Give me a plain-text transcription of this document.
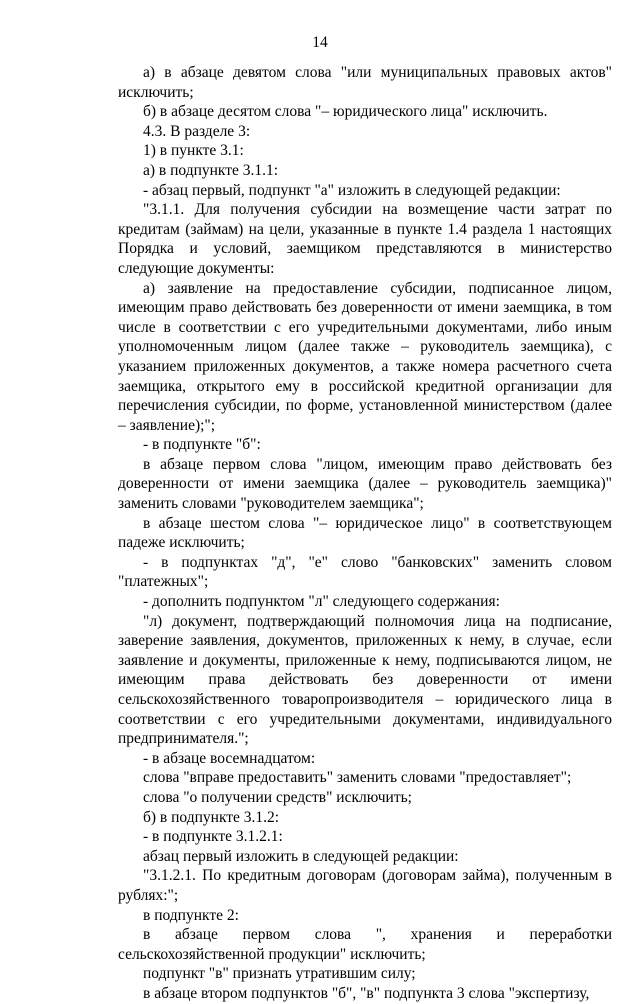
14

а) в абзаце девятом слова "или муниципальных правовых актов" исключить;

б) в абзаце десятом слова "– юридического лица" исключить.

4.3. В разделе 3:

1) в пункте 3.1:

а) в подпункте 3.1.1:

- абзац первый, подпункт "а" изложить в следующей редакции:

"3.1.1. Для получения субсидии на возмещение части затрат по кредитам (займам) на цели, указанные в пункте 1.4 раздела 1 настоящих Порядка и условий, заемщиком представляются в министерство следующие документы:

а) заявление на предоставление субсидии, подписанное лицом, имеющим право действовать без доверенности от имени заемщика, в том числе в соответствии с его учредительными документами, либо иным уполномоченным лицом (далее также – руководитель заемщика), с указанием приложенных документов, а также номера расчетного счета заемщика, открытого ему в российской кредитной организации для перечисления субсидии, по форме, установленной министерством (далее – заявление);";

- в подпункте "б":

в абзаце первом слова "лицом, имеющим право действовать без доверенности от имени заемщика (далее – руководитель заемщика)" заменить словами "руководителем заемщика";

в абзаце шестом слова "– юридическое лицо" в соответствующем падеже исключить;

- в подпунктах "д", "е" слово "банковских" заменить словом "платежных";

- дополнить подпунктом "л" следующего содержания:

"л) документ, подтверждающий полномочия лица на подписание, заверение заявления, документов, приложенных к нему, в случае, если заявление и документы, приложенные к нему, подписываются лицом, не имеющим права действовать без доверенности от имени сельскохозяйственного товаропроизводителя – юридического лица в соответствии с его учредительными документами, индивидуального предпринимателя.";

- в абзаце восемнадцатом:

слова "вправе предоставить" заменить словами "предоставляет";

слова "о получении средств" исключить;

б) в подпункте 3.1.2:

- в подпункте 3.1.2.1:

абзац первый изложить в следующей редакции:

"3.1.2.1. По кредитным договорам (договорам займа), полученным в рублях:";

в подпункте 2:

в абзаце первом слова ", хранения и переработки сельскохозяйственной продукции" исключить;

подпункт "в" признать утратившим силу;

в абзаце втором подпунктов "б", "в" подпункта 3 слова "экспертизу,
